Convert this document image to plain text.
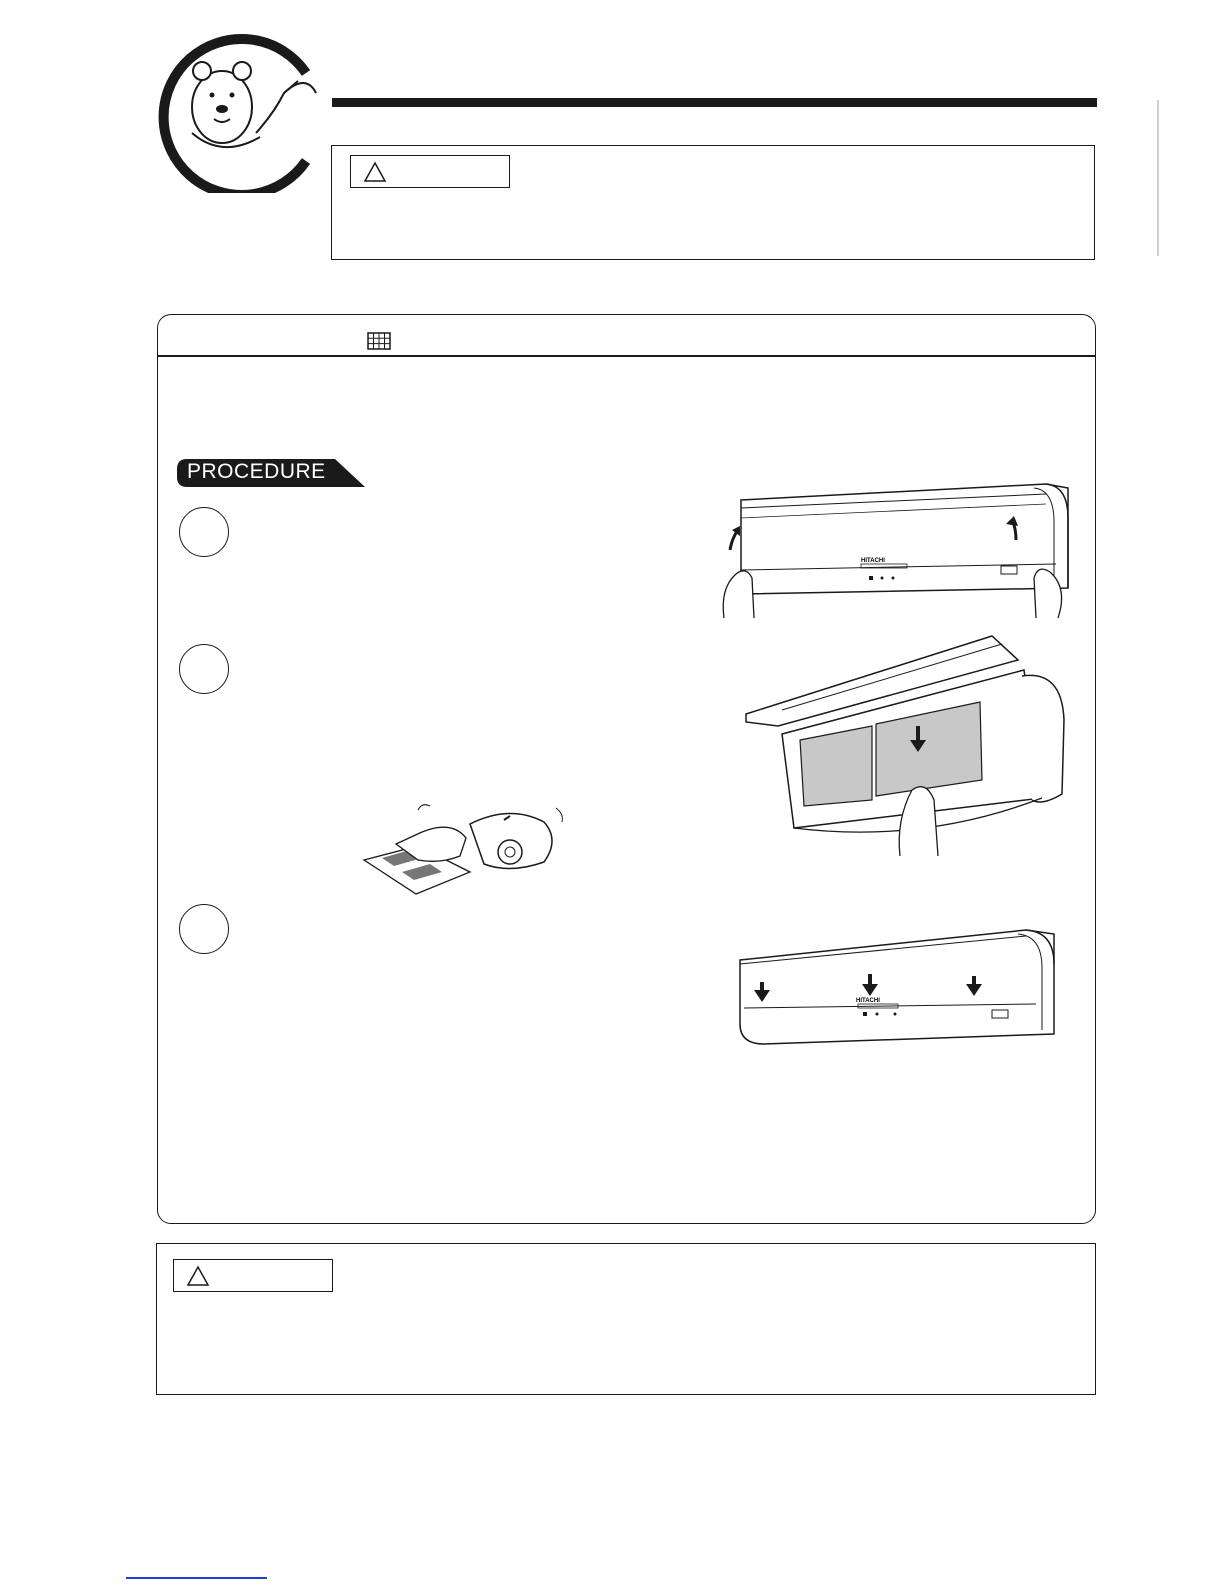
PROCEDURE
HITACHI
HITACHI
